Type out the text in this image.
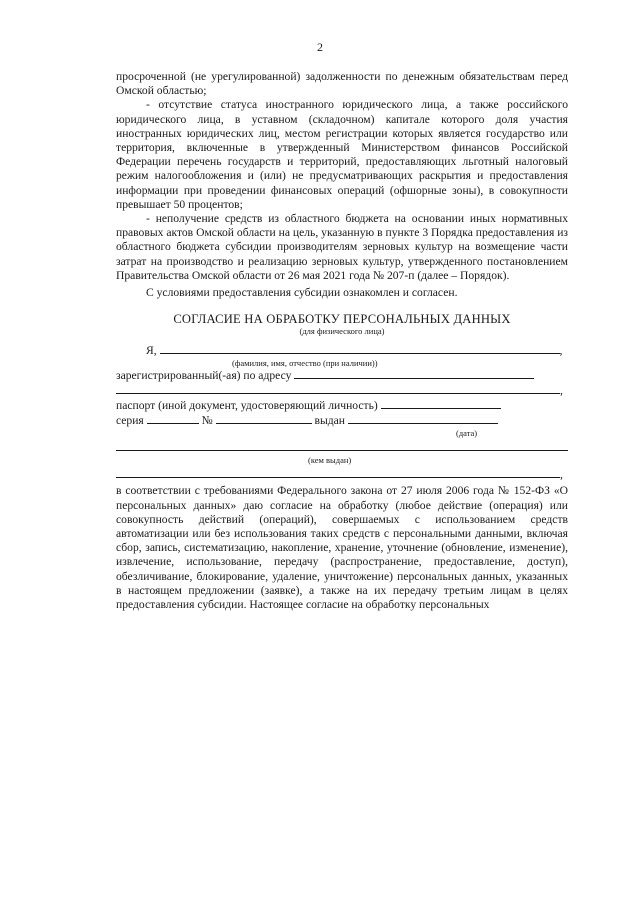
2

просроченной (не урегулированной) задолженности по денежным обязательствам перед Омской областью;

- отсутствие статуса иностранного юридического лица, а также российского юридического лица, в уставном (складочном) капитале которого доля участия иностранных юридических лиц, местом регистрации которых является государство или территория, включенные в утвержденный Министерством финансов Российской Федерации перечень государств и территорий, предоставляющих льготный налоговый режим налогообложения и (или) не предусматривающих раскрытия и предоставления информации при проведении финансовых операций (офшорные зоны), в совокупности превышает 50 процентов;

- неполучение средств из областного бюджета на основании иных нормативных правовых актов Омской области на цель, указанную в пункте 3 Порядка предоставления из областного бюджета субсидии производителям зерновых культур на возмещение части затрат на производство и реализацию зерновых культур, утвержденного постановлением Правительства Омской области от 26 мая 2021 года № 207-п (далее – Порядок).

С условиями предоставления субсидии ознакомлен и согласен.

СОГЛАСИЕ НА ОБРАБОТКУ ПЕРСОНАЛЬНЫХ ДАННЫХ
(для физического лица)
Я,	,
(фамилия, имя, отчество (при наличии))
зарегистрированный(-ая) по адресу
,
паспорт (иной документ, удостоверяющий личность)
серия	№	выдан
(дата)
(кем выдан)
,

в соответствии с требованиями Федерального закона от 27 июля 2006 года № 152-ФЗ «О персональных данных» даю согласие на обработку (любое действие (операция) или совокупность действий (операций), совершаемых с использованием средств автоматизации или без использования таких средств с персональными данными, включая сбор, запись, систематизацию, накопление, хранение, уточнение (обновление, изменение), извлечение, использование, передачу (распространение, предоставление, доступ), обезличивание, блокирование, удаление, уничтожение) персональных данных, указанных в настоящем предложении (заявке), а также на их передачу третьим лицам в целях предоставления субсидии. Настоящее согласие на обработку персональных
